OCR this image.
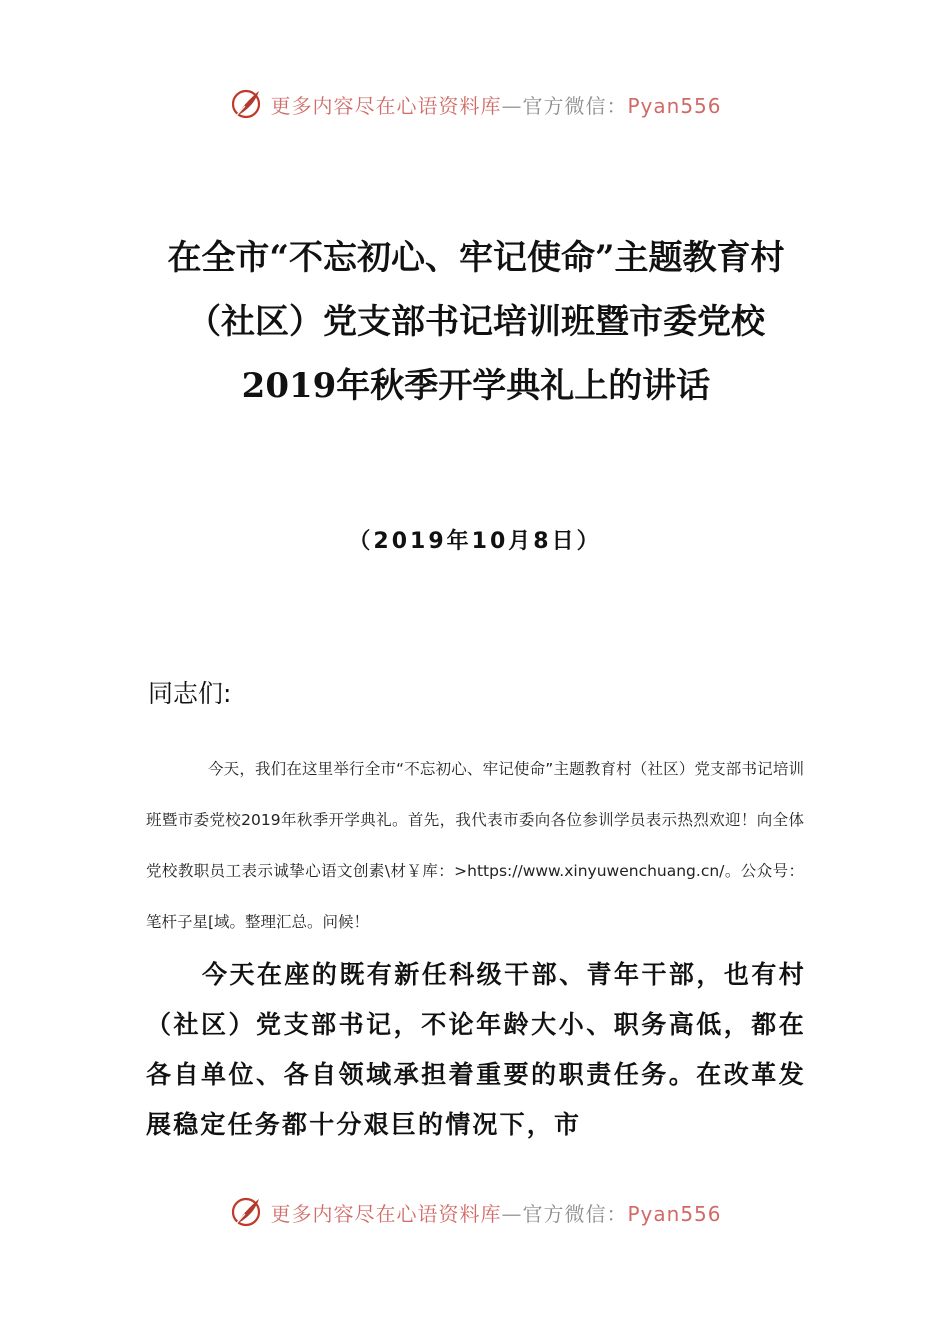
更多内容尽在心语资料库—官方微信：Pyan556
在全市“不忘初心、牢记使命”主题教育村（社区）党支部书记培训班暨市委党校2019年秋季开学典礼上的讲话
（2019年10月8日）
同志们:

今天，我们在这里举行全市“不忘初心、牢记使命”主题教育村（社区）党支部书记培训班暨市委党校2019年秋季开学典礼。首先，我代表市委向各位参训学员表示热烈欢迎！向全体党校教职员工表示诚挚心语文创素\材￥库：>https://www.xinyuwenchuang.cn/。公众号：笔杆子星[域。整理汇总。问候！

今天在座的既有新任科级干部、青年干部，也有村（社区）党支部书记，不论年龄大小、职务高低，都在各自单位、各自领域承担着重要的职责任务。在改革发展稳定任务都十分艰巨的情况下，市

更多内容尽在心语资料库—官方微信：Pyan556
